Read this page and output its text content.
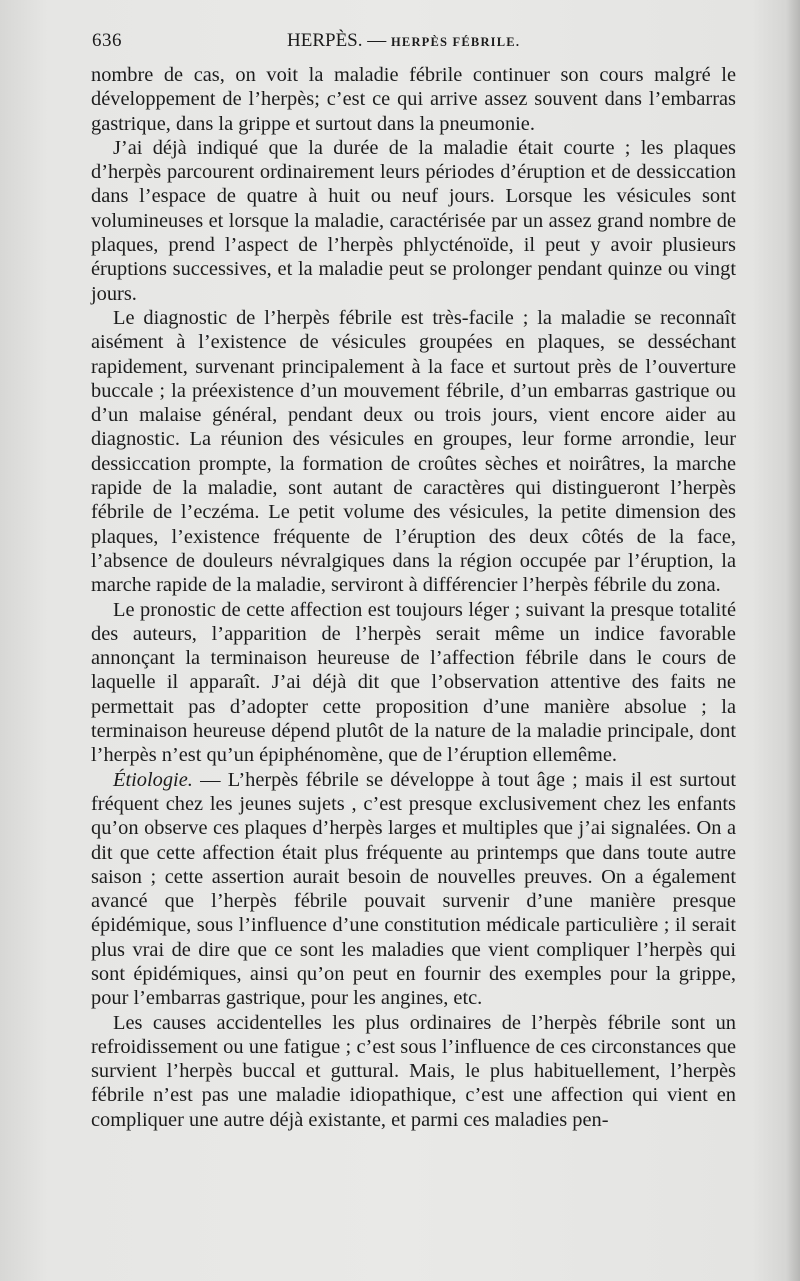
636	HERPÈS. — HERPÈS FÉBRILE.

nombre de cas, on voit la maladie fébrile continuer son cours malgré le développement de l’herpès; c’est ce qui arrive assez souvent dans l’embarras gastrique, dans la grippe et surtout dans la pneumonie.

J’ai déjà indiqué que la durée de la maladie était courte ; les plaques d’herpès parcourent ordinairement leurs périodes d’éruption et de dessiccation dans l’espace de quatre à huit ou neuf jours. Lorsque les vésicules sont volumineuses et lorsque la maladie, caractérisée par un assez grand nombre de plaques, prend l’aspect de l’herpès phlycténoïde, il peut y avoir plusieurs éruptions successives, et la maladie peut se prolonger pendant quinze ou vingt jours.

Le diagnostic de l’herpès fébrile est très-facile ; la maladie se reconnaît aisément à l’existence de vésicules groupées en plaques, se desséchant rapidement, survenant principalement à la face et surtout près de l’ouverture buccale ; la préexistence d’un mouvement fébrile, d’un embarras gastrique ou d’un malaise général, pendant deux ou trois jours, vient encore aider au diagnostic. La réunion des vésicules en groupes, leur forme arrondie, leur dessiccation prompte, la formation de croûtes sèches et noirâtres, la marche rapide de la maladie, sont autant de caractères qui distingueront l’herpès fébrile de l’eczéma. Le petit volume des vésicules, la petite dimension des plaques, l’existence fréquente de l’éruption des deux côtés de la face, l’absence de douleurs névralgiques dans la région occupée par l’éruption, la marche rapide de la maladie, serviront à différencier l’herpès fébrile du zona.

Le pronostic de cette affection est toujours léger ; suivant la presque totalité des auteurs, l’apparition de l’herpès serait même un indice favorable annonçant la terminaison heureuse de l’affection fébrile dans le cours de laquelle il apparaît. J’ai déjà dit que l’observation attentive des faits ne permettait pas d’adopter cette proposition d’une manière absolue ; la terminaison heureuse dépend plutôt de la nature de la maladie principale, dont l’herpès n’est qu’un épiphénomène, que de l’éruption ellemême.

Étiologie. — L’herpès fébrile se développe à tout âge ; mais il est surtout fréquent chez les jeunes sujets , c’est presque exclusivement chez les enfants qu’on observe ces plaques d’herpès larges et multiples que j’ai signalées. On a dit que cette affection était plus fréquente au printemps que dans toute autre saison ; cette assertion aurait besoin de nouvelles preuves. On a également avancé que l’herpès fébrile pouvait survenir d’une manière presque épidémique, sous l’influence d’une constitution médicale particulière ; il serait plus vrai de dire que ce sont les maladies que vient compliquer l’herpès qui sont épidémiques, ainsi qu’on peut en fournir des exemples pour la grippe, pour l’embarras gastrique, pour les angines, etc.

Les causes accidentelles les plus ordinaires de l’herpès fébrile sont un refroidissement ou une fatigue ; c’est sous l’influence de ces circonstances que survient l’herpès buccal et guttural. Mais, le plus habituellement, l’herpès fébrile n’est pas une maladie idiopathique, c’est une affection qui vient en compliquer une autre déjà existante, et parmi ces maladies pen-
